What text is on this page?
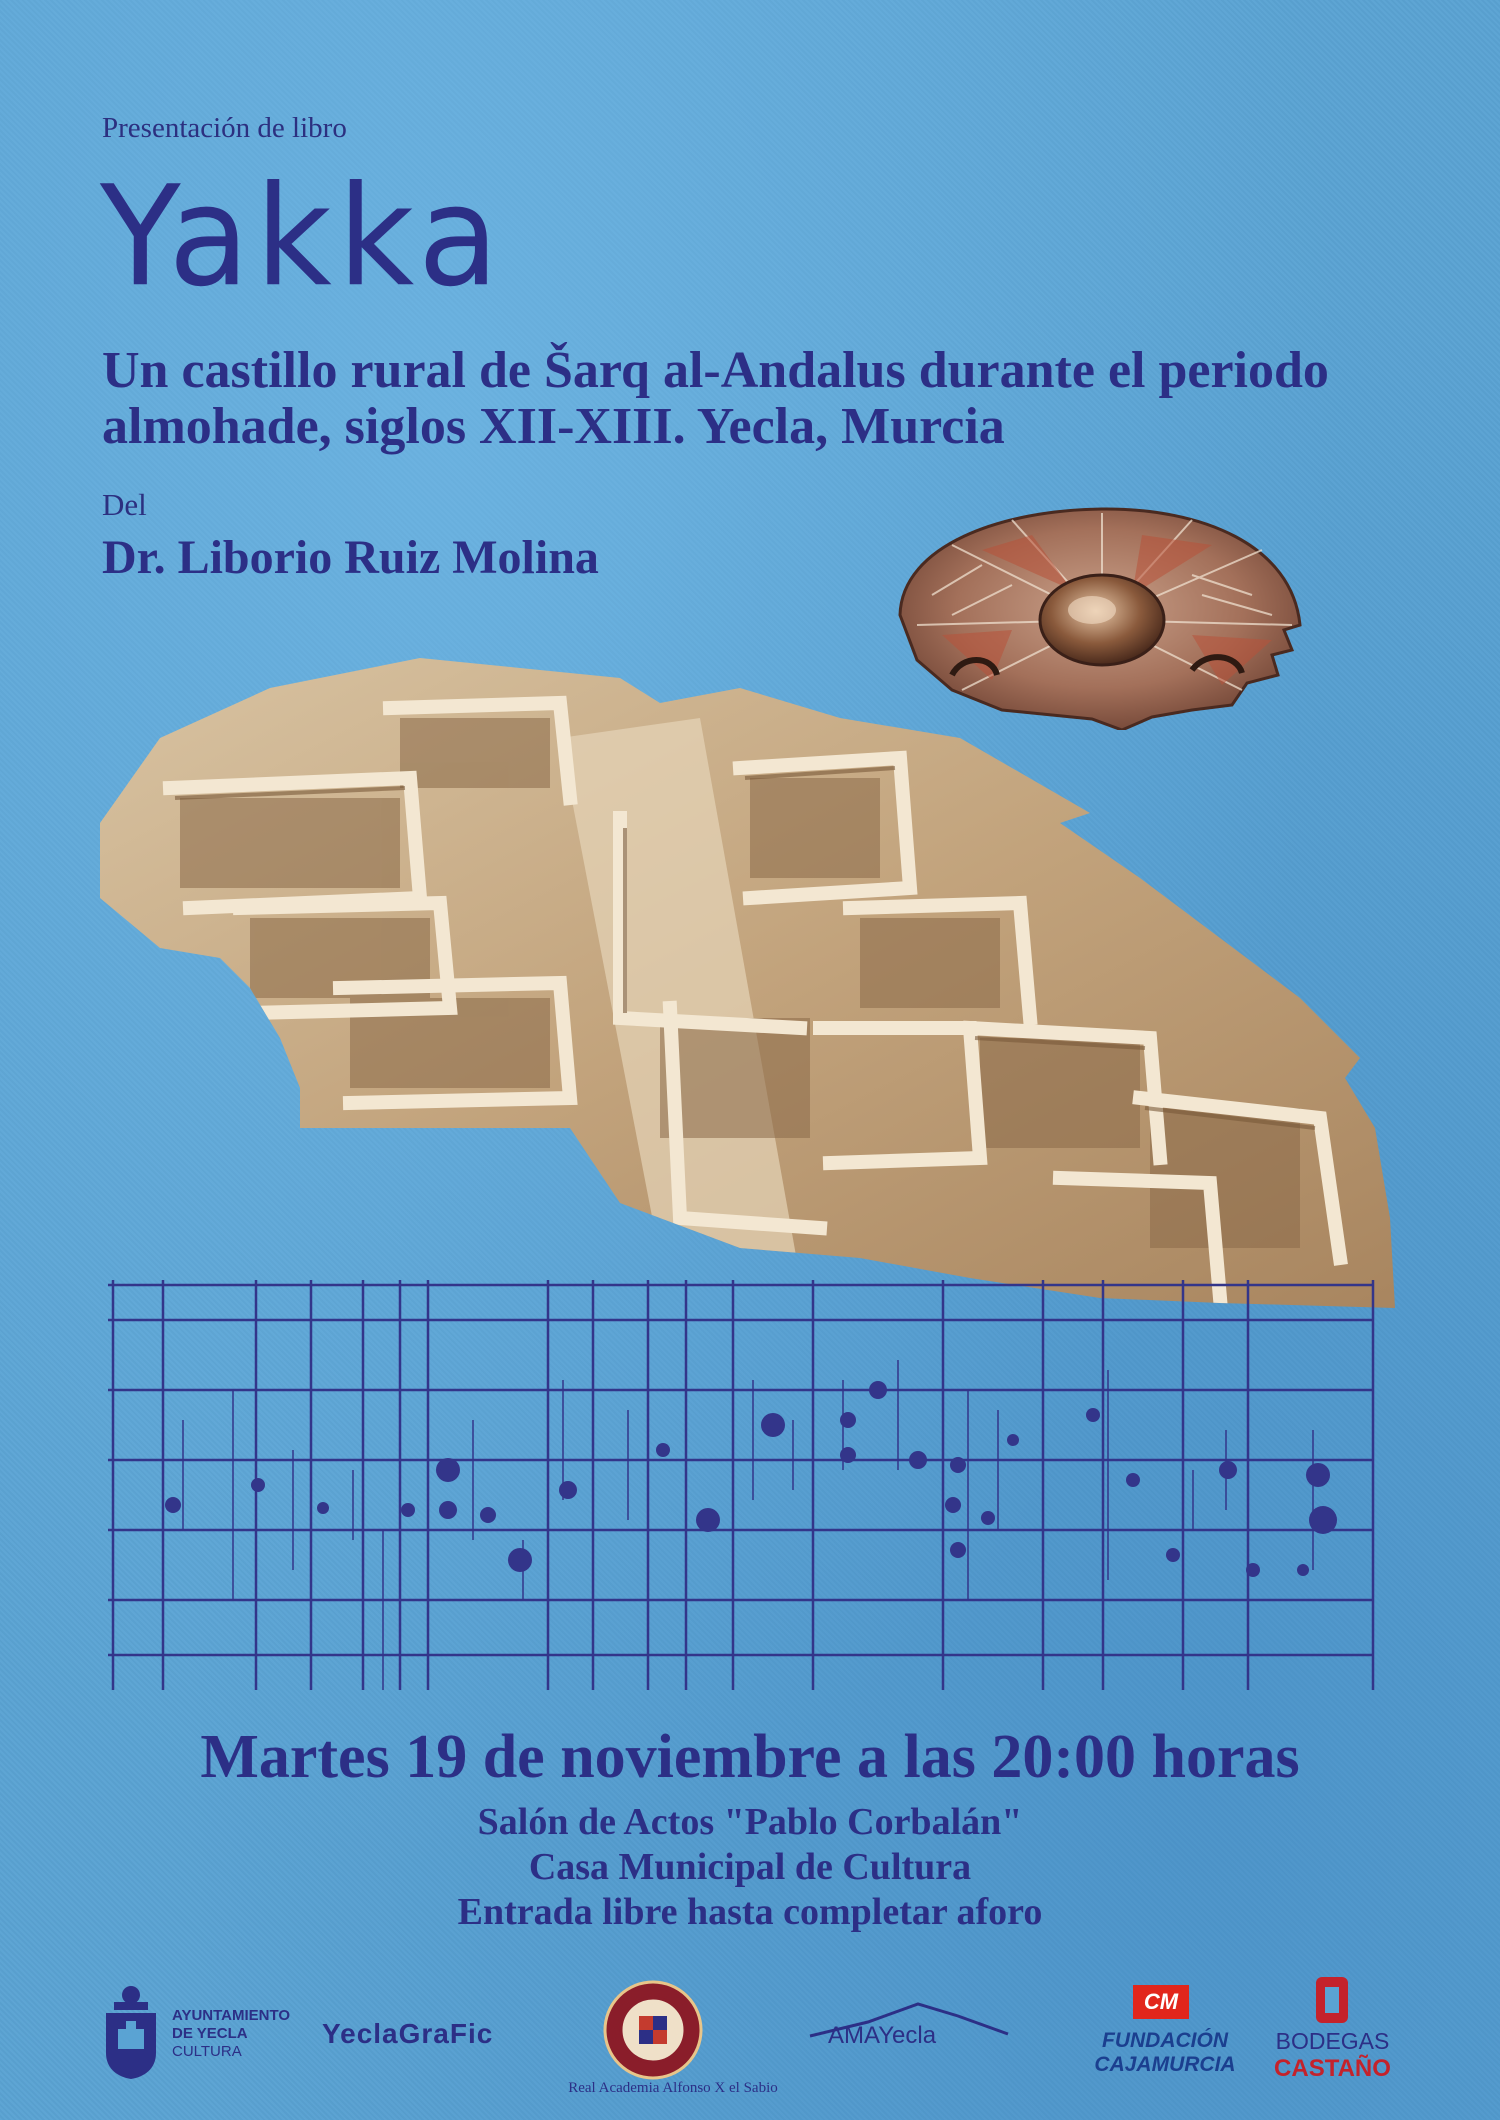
Presentación de libro
Yakka
Un castillo rural de Šarq al-Andalus durante el periodo almohade, siglos XII-XIII. Yecla, Murcia
Del
Dr. Liborio Ruiz Molina
Martes 19 de noviembre a las 20:00 horas
Salón de Actos "Pablo Corbalán"
Casa Municipal de Cultura
Entrada libre hasta completar aforo
AYUNTAMIENTO
DE YECLA
CULTURA
YeclaGraFic
Real Academia Alfonso X el Sabio
AMAYecla
CM
FUNDACIÓN
CAJAMURCIA
BODEGAS
CASTAÑO
